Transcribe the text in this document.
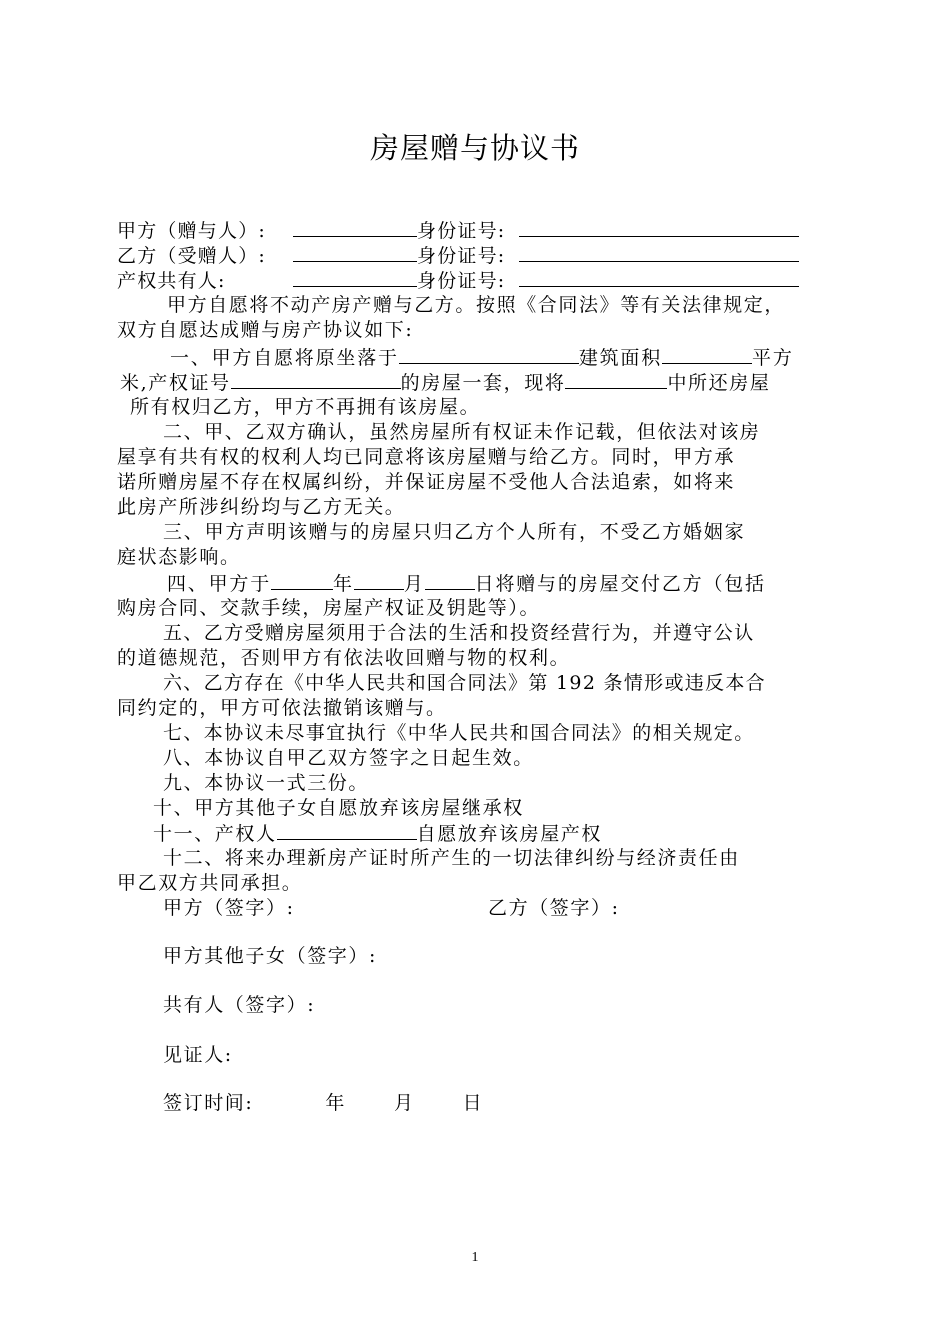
房屋赠与协议书
甲方（赠与人）:	身份证号:
乙方（受赠人）:	身份证号:
产权共有人:	身份证号:
甲方自愿将不动产房产赠与乙方。按照《合同法》等有关法律规定，
双方自愿达成赠与房产协议如下:
一、甲方自愿将原坐落于	建筑面积	平方
米,产权证号	的房屋一套，现将	中所还房屋
所有权归乙方，甲方不再拥有该房屋。
二、甲、乙双方确认，虽然房屋所有权证未作记载，但依法对该房
屋享有共有权的权利人均已同意将该房屋赠与给乙方。同时，甲方承
诺所赠房屋不存在权属纠纷，并保证房屋不受他人合法追索，如将来
此房产所涉纠纷均与乙方无关。
三、甲方声明该赠与的房屋只归乙方个人所有，不受乙方婚姻家
庭状态影响。
四、甲方于	年	月	日将赠与的房屋交付乙方（包括
购房合同、交款手续，房屋产权证及钥匙等）。
五、乙方受赠房屋须用于合法的生活和投资经营行为，并遵守公认
的道德规范，否则甲方有依法收回赠与物的权利。
六、乙方存在《中华人民共和国合同法》第 192 条情形或违反本合
同约定的，甲方可依法撤销该赠与。
七、本协议未尽事宜执行《中华人民共和国合同法》的相关规定。
八、本协议自甲乙双方签字之日起生效。
九、本协议一式三份。
十、甲方其他子女自愿放弃该房屋继承权
十一、产权人	自愿放弃该房屋产权
十二、将来办理新房产证时所产生的一切法律纠纷与经济责任由
甲乙双方共同承担。
甲方（签字）:	乙方（签字）:
甲方其他子女（签字）:
共有人（签字）:
见证人:
签订时间:	年	月	日
1
